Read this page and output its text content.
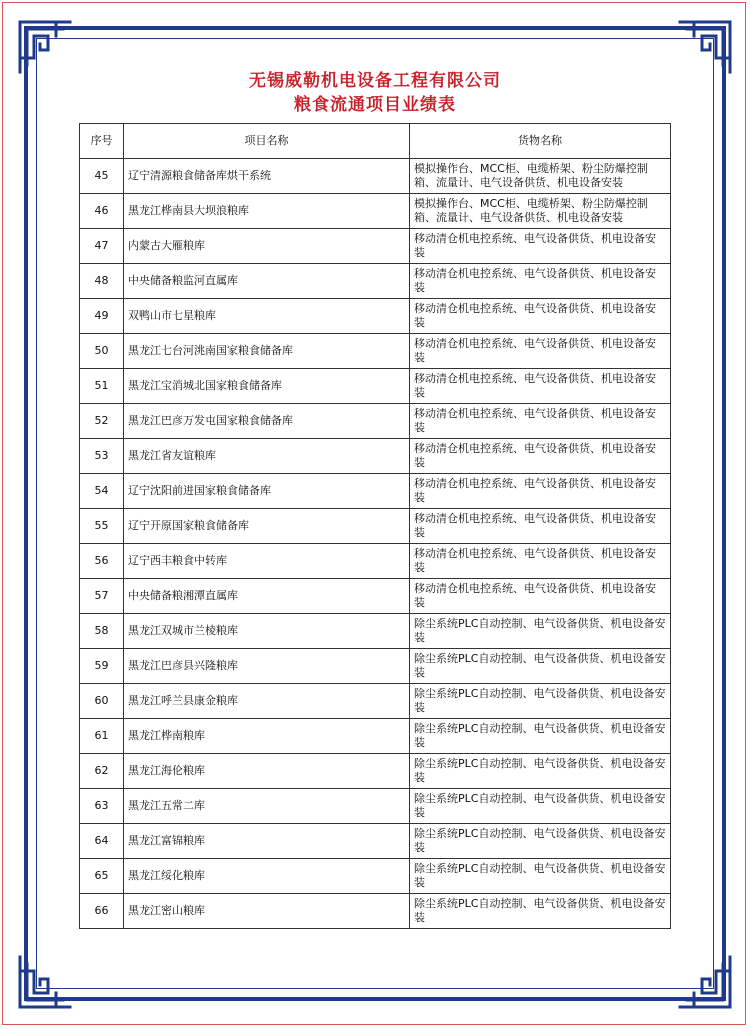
无锡威勒机电设备工程有限公司
粮食流通项目业绩表
序号	项目名称	货物名称
45	辽宁清源粮食储备库烘干系统	模拟操作台、MCC柜、电缆桥架、粉尘防爆控制箱、流量计、电气设备供货、机电设备安装
46	黑龙江桦南县大坝浪粮库	模拟操作台、MCC柜、电缆桥架、粉尘防爆控制箱、流量计、电气设备供货、机电设备安装
47	内蒙古大雁粮库	移动清仓机电控系统、电气设备供货、机电设备安装
48	中央储备粮监河直属库	移动清仓机电控系统、电气设备供货、机电设备安装
49	双鸭山市七星粮库	移动清仓机电控系统、电气设备供货、机电设备安装
50	黑龙江七台河洮南国家粮食储备库	移动清仓机电控系统、电气设备供货、机电设备安装
51	黑龙江宝消城北国家粮食储备库	移动清仓机电控系统、电气设备供货、机电设备安装
52	黑龙江巴彦万发屯国家粮食储备库	移动清仓机电控系统、电气设备供货、机电设备安装
53	黑龙江省友谊粮库	移动清仓机电控系统、电气设备供货、机电设备安装
54	辽宁沈阳前进国家粮食储备库	移动清仓机电控系统、电气设备供货、机电设备安装
55	辽宁开原国家粮食储备库	移动清仓机电控系统、电气设备供货、机电设备安装
56	辽宁西丰粮食中转库	移动清仓机电控系统、电气设备供货、机电设备安装
57	中央储备粮湘潭直属库	移动清仓机电控系统、电气设备供货、机电设备安装
58	黑龙江双城市兰棱粮库	除尘系统PLC自动控制、电气设备供货、机电设备安装
59	黑龙江巴彦县兴隆粮库	除尘系统PLC自动控制、电气设备供货、机电设备安装
60	黑龙江呼兰县康金粮库	除尘系统PLC自动控制、电气设备供货、机电设备安装
61	黑龙江桦南粮库	除尘系统PLC自动控制、电气设备供货、机电设备安装
62	黑龙江海伦粮库	除尘系统PLC自动控制、电气设备供货、机电设备安装
63	黑龙江五常二库	除尘系统PLC自动控制、电气设备供货、机电设备安装
64	黑龙江富锦粮库	除尘系统PLC自动控制、电气设备供货、机电设备安装
65	黑龙江绥化粮库	除尘系统PLC自动控制、电气设备供货、机电设备安装
66	黑龙江密山粮库	除尘系统PLC自动控制、电气设备供货、机电设备安装
